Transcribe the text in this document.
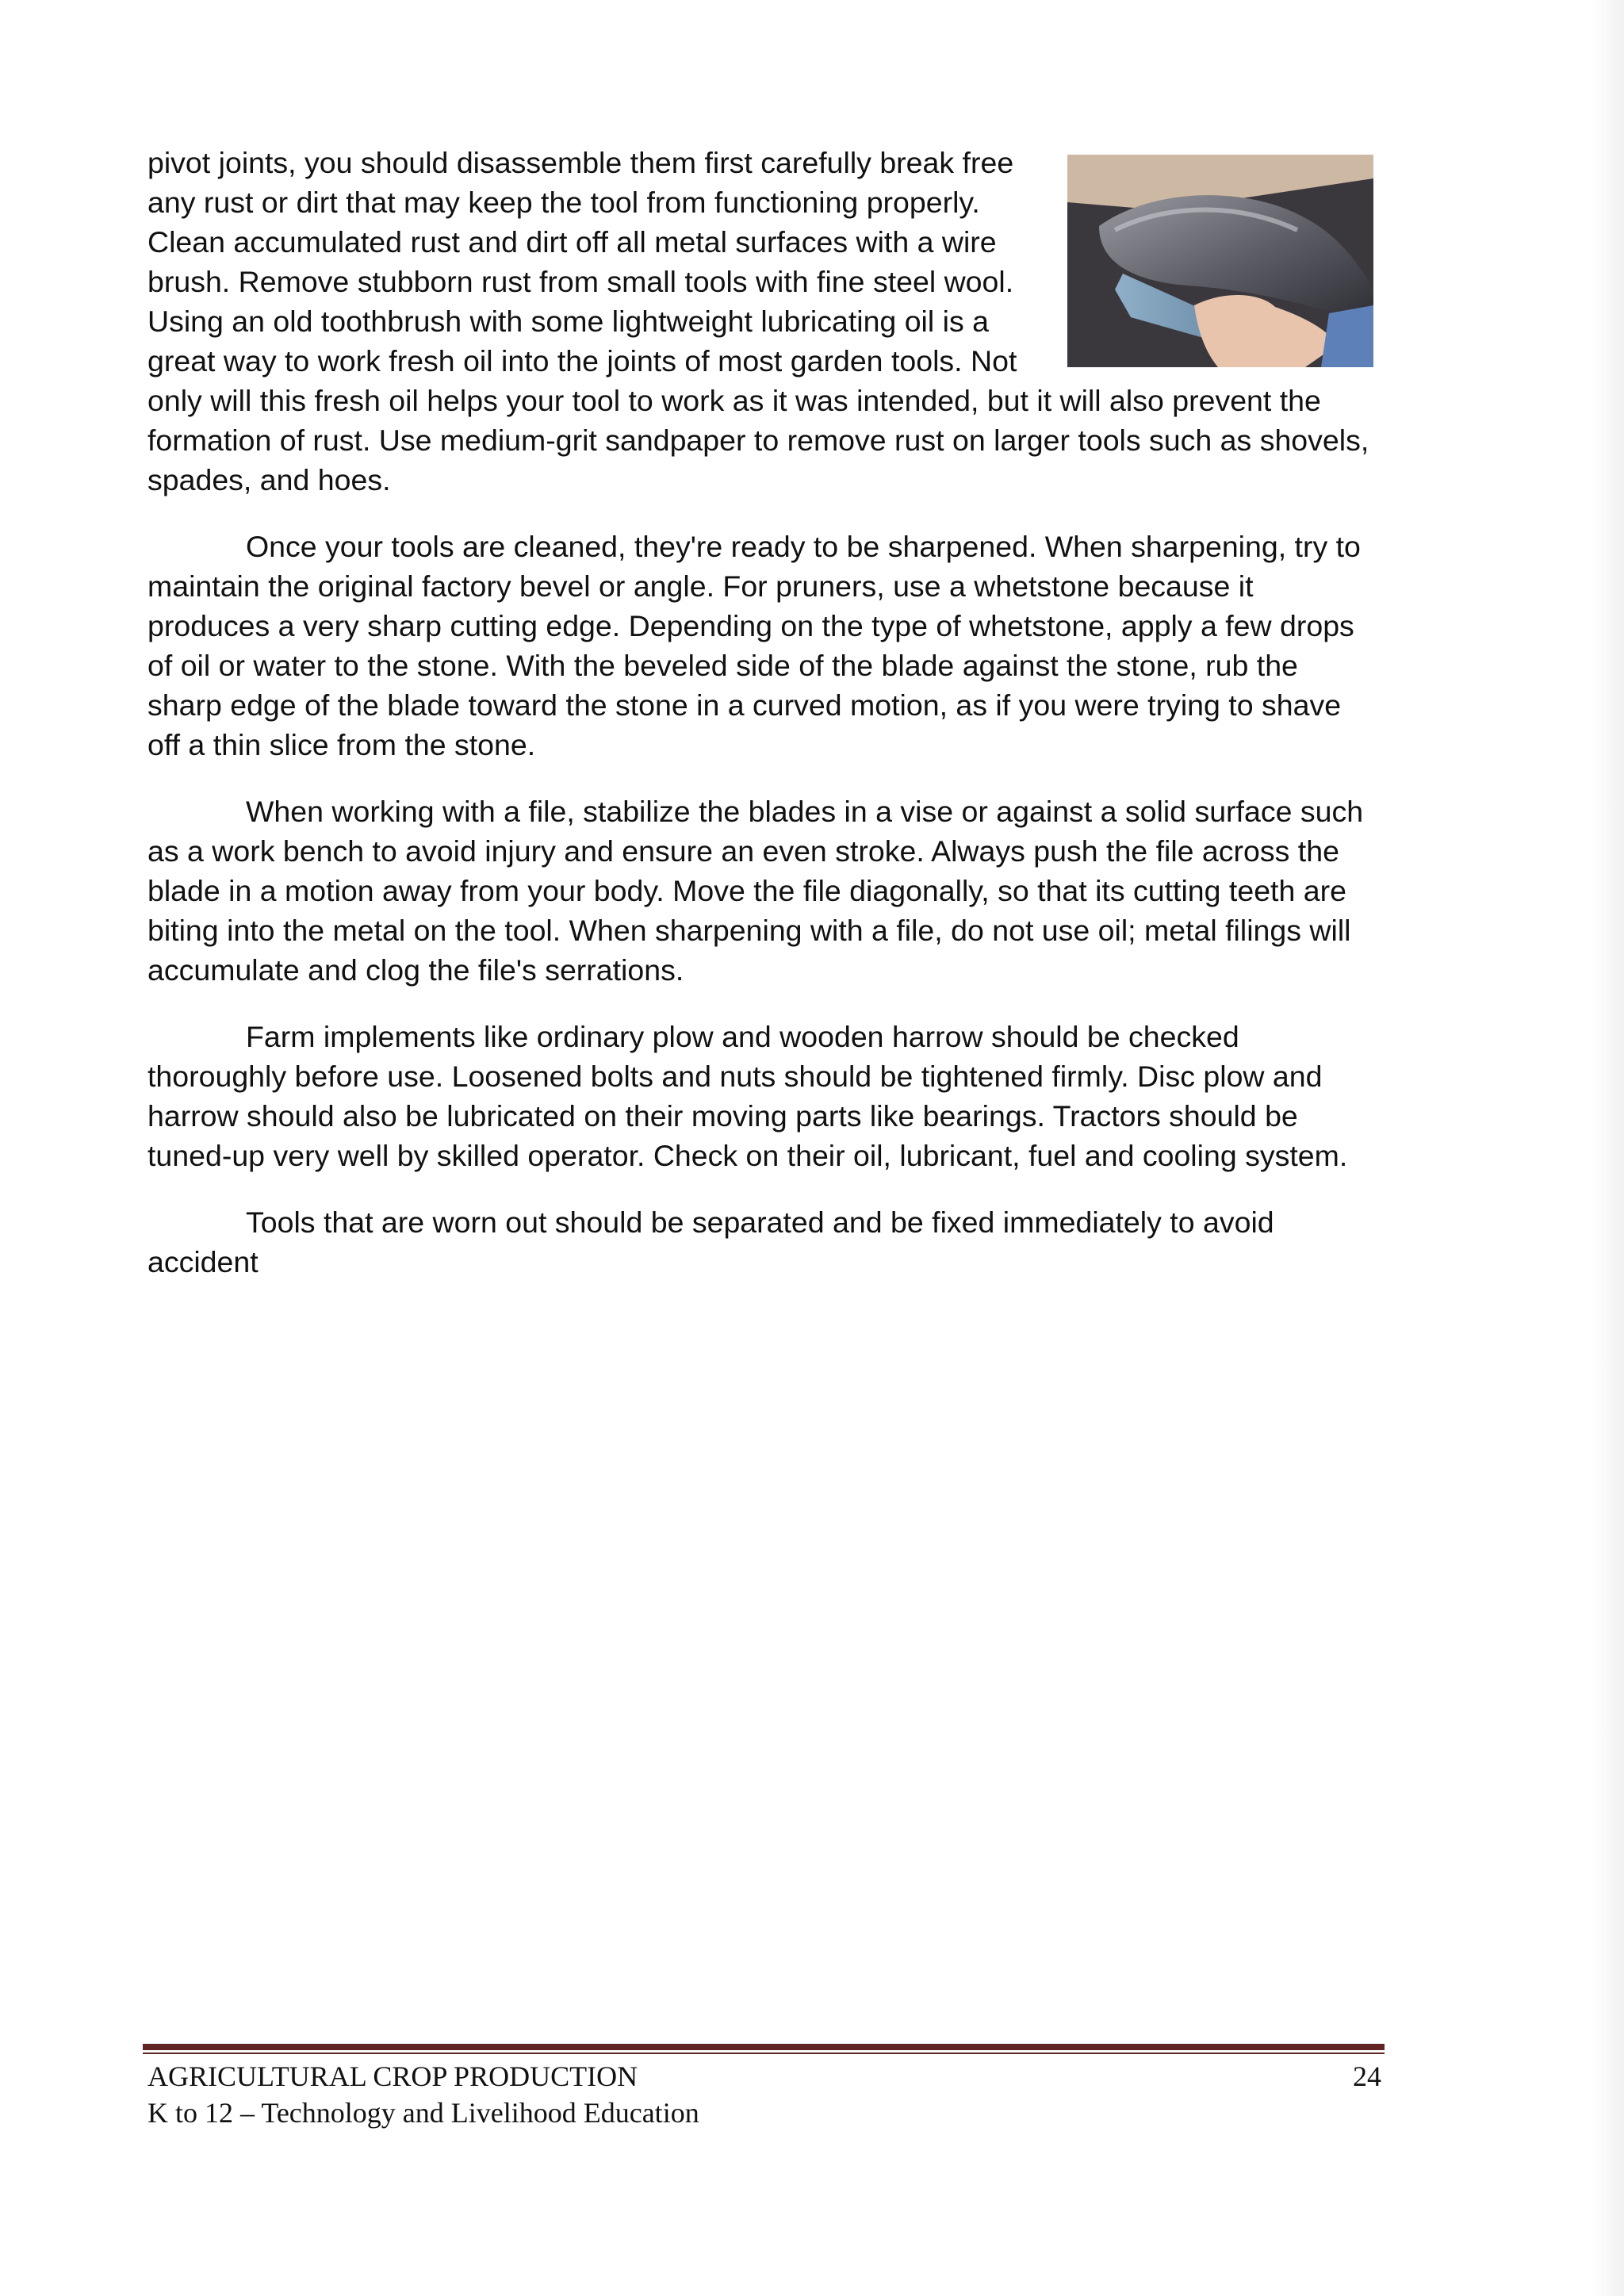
pivot joints, you should disassemble them first carefully break free any rust or dirt that may keep the tool from functioning properly. Clean accumulated rust and dirt off all metal surfaces with a wire brush. Remove stubborn rust from small tools with fine steel wool. Using an old toothbrush with some lightweight lubricating oil is a great way to work fresh oil into the joints of most garden tools. Not only will this fresh oil helps your tool to work as it was intended, but it will also prevent the formation of rust. Use medium-grit sandpaper to remove rust on larger tools such as shovels, spades, and hoes.

Once your tools are cleaned, they're ready to be sharpened. When sharpening, try to maintain the original factory bevel or angle. For pruners, use a whetstone because it produces a very sharp cutting edge. Depending on the type of whetstone, apply a few drops of oil or water to the stone. With the beveled side of the blade against the stone, rub the sharp edge of the blade toward the stone in a curved motion, as if you were trying to shave off a thin slice from the stone.

When working with a file, stabilize the blades in a vise or against a solid surface such as a work bench to avoid injury and ensure an even stroke. Always push the file across the blade in a motion away from your body. Move the file diagonally, so that its cutting teeth are biting into the metal on the tool. When sharpening with a file, do not use oil; metal filings will accumulate and clog the file's serrations.

Farm implements like ordinary plow and wooden harrow should be checked thoroughly before use. Loosened bolts and nuts should be tightened firmly. Disc plow and harrow should also be lubricated on their moving parts like bearings. Tractors should be tuned-up very well by skilled operator. Check on their oil, lubricant, fuel and cooling system.

Tools that are worn out should be separated and be fixed immediately to avoid accident

AGRICULTURAL CROP PRODUCTION	24
K to 12 – Technology and Livelihood Education
